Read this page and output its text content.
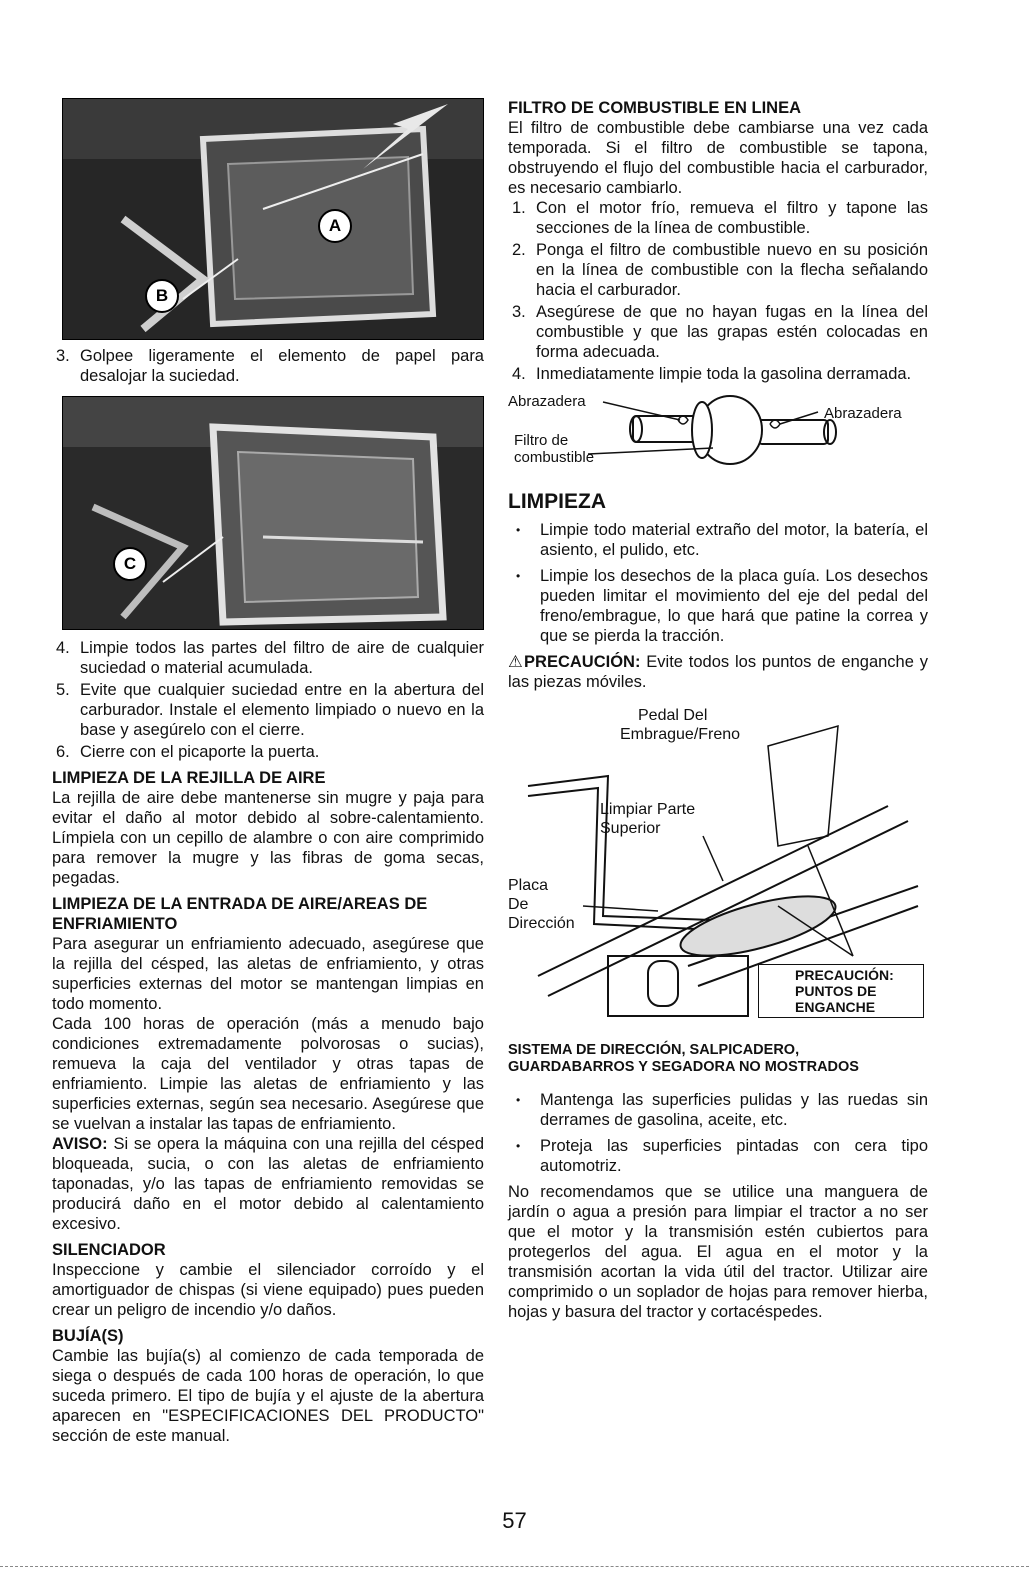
A
B
3. Golpee ligeramente el elemento de papel para desalojar la suciedad.
C
4. Limpie todos las partes del filtro de aire de cualquier suciedad o material acumulada.
5. Evite que cualquier suciedad entre en la abertura del carburador. Instale el elemento limpiado o nuevo en la base y asegúrelo con el cierre.
6. Cierre con el picaporte la puerta.
LIMPIEZA DE LA REJILLA DE AIRE

La rejilla de aire debe mantenerse sin mugre y paja para evitar el daño al motor debido al sobre-calentamiento. Límpiela con un cepillo de alambre o con aire comprimido para remover la mugre y las fibras de goma secas, pegadas.

LIMPIEZA DE LA ENTRADA DE AIRE/AREAS DE ENFRIAMIENTO

Para asegurar un enfriamiento adecuado, asegúrese que la rejilla del césped, las aletas de enfriamiento, y otras superficies externas del motor se mantengan limpias en todo momento.

Cada 100 horas de operación (más a menudo bajo condiciones extremadamente polvorosas o sucias), remueva la caja del ventilador y otras tapas de enfriamiento. Limpie las aletas de enfriamiento y las superficies externas, según sea necesario. Asegúrese que se vuelvan a instalar las tapas de enfriamiento.

AVISO: Si se opera la máquina con una rejilla del césped bloqueada, sucia, o con las aletas de enfriamiento taponadas, y/o las tapas de enfriamiento removidas se producirá daño en el motor debido al calentamiento excesivo.

SILENCIADOR

Inspeccione y cambie el silenciador corroído y el amortiguador de chispas (si viene equipado) pues pueden crear un peligro de incendio y/o daños.

BUJÍA(S)

Cambie las bujía(s) al comienzo de cada temporada de siega o después de cada 100 horas de operación, lo que suceda primero. El tipo de bujía y el ajuste de la abertura aparecen en "ESPECIFICACIONES DEL PRODUCTO" sección de este manual.

FILTRO DE COMBUSTIBLE EN LINEA

El filtro de combustible debe cambiarse una vez cada temporada. Si el filtro de combustible se tapona, obstruyendo el flujo del combustible hacia el carburador, es necesario cambiarlo.

1. Con el motor frío, remueva el filtro y tapone las secciones de la línea de combustible.
2. Ponga el filtro de combustible nuevo en su posición en la línea de combustible con la flecha señalando hacia el carburador.
3. Asegúrese de que no hayan fugas en la línea del combustible y que las grapas estén colocadas en forma adecuada.
4. Inmediatamente limpie toda la gasolina derramada.
Abrazadera
Abrazadera
Filtro de
combustible
LIMPIEZA
• Limpie todo material extraño del motor, la batería, el asiento, el pulido, etc.
• Limpie los desechos de la placa guía. Los desechos pueden limitar el movimiento del eje del pedal del freno/embrague, lo que hará que patine la correa y que se pierda la tracción.

⚠PRECAUCIÓN: Evite todos los puntos de enganche y las piezas móviles.

Pedal Del
Embrague/Freno
Limpiar Parte
Superior
Placa
De
Dirección
PRECAUCIÓN:
PUNTOS DE
ENGANCHE
SISTEMA DE DIRECCIÓN, SALPICADERO, GUARDABARROS Y SEGADORA NO MOSTRADOS
• Mantenga las superficies pulidas y las ruedas sin derrames de gasolina, aceite, etc.
• Proteja las superficies pintadas con cera tipo automotriz.

No recomendamos que se utilice una manguera de jardín o agua a presión para limpiar el tractor a no ser que el motor y la transmisión estén cubiertos para protegerlos del agua. El agua en el motor y la transmisión acortan la vida útil del tractor. Utilizar aire comprimido o un soplador de hojas para remover hierba, hojas y basura del tractor y cortacéspedes.

57
